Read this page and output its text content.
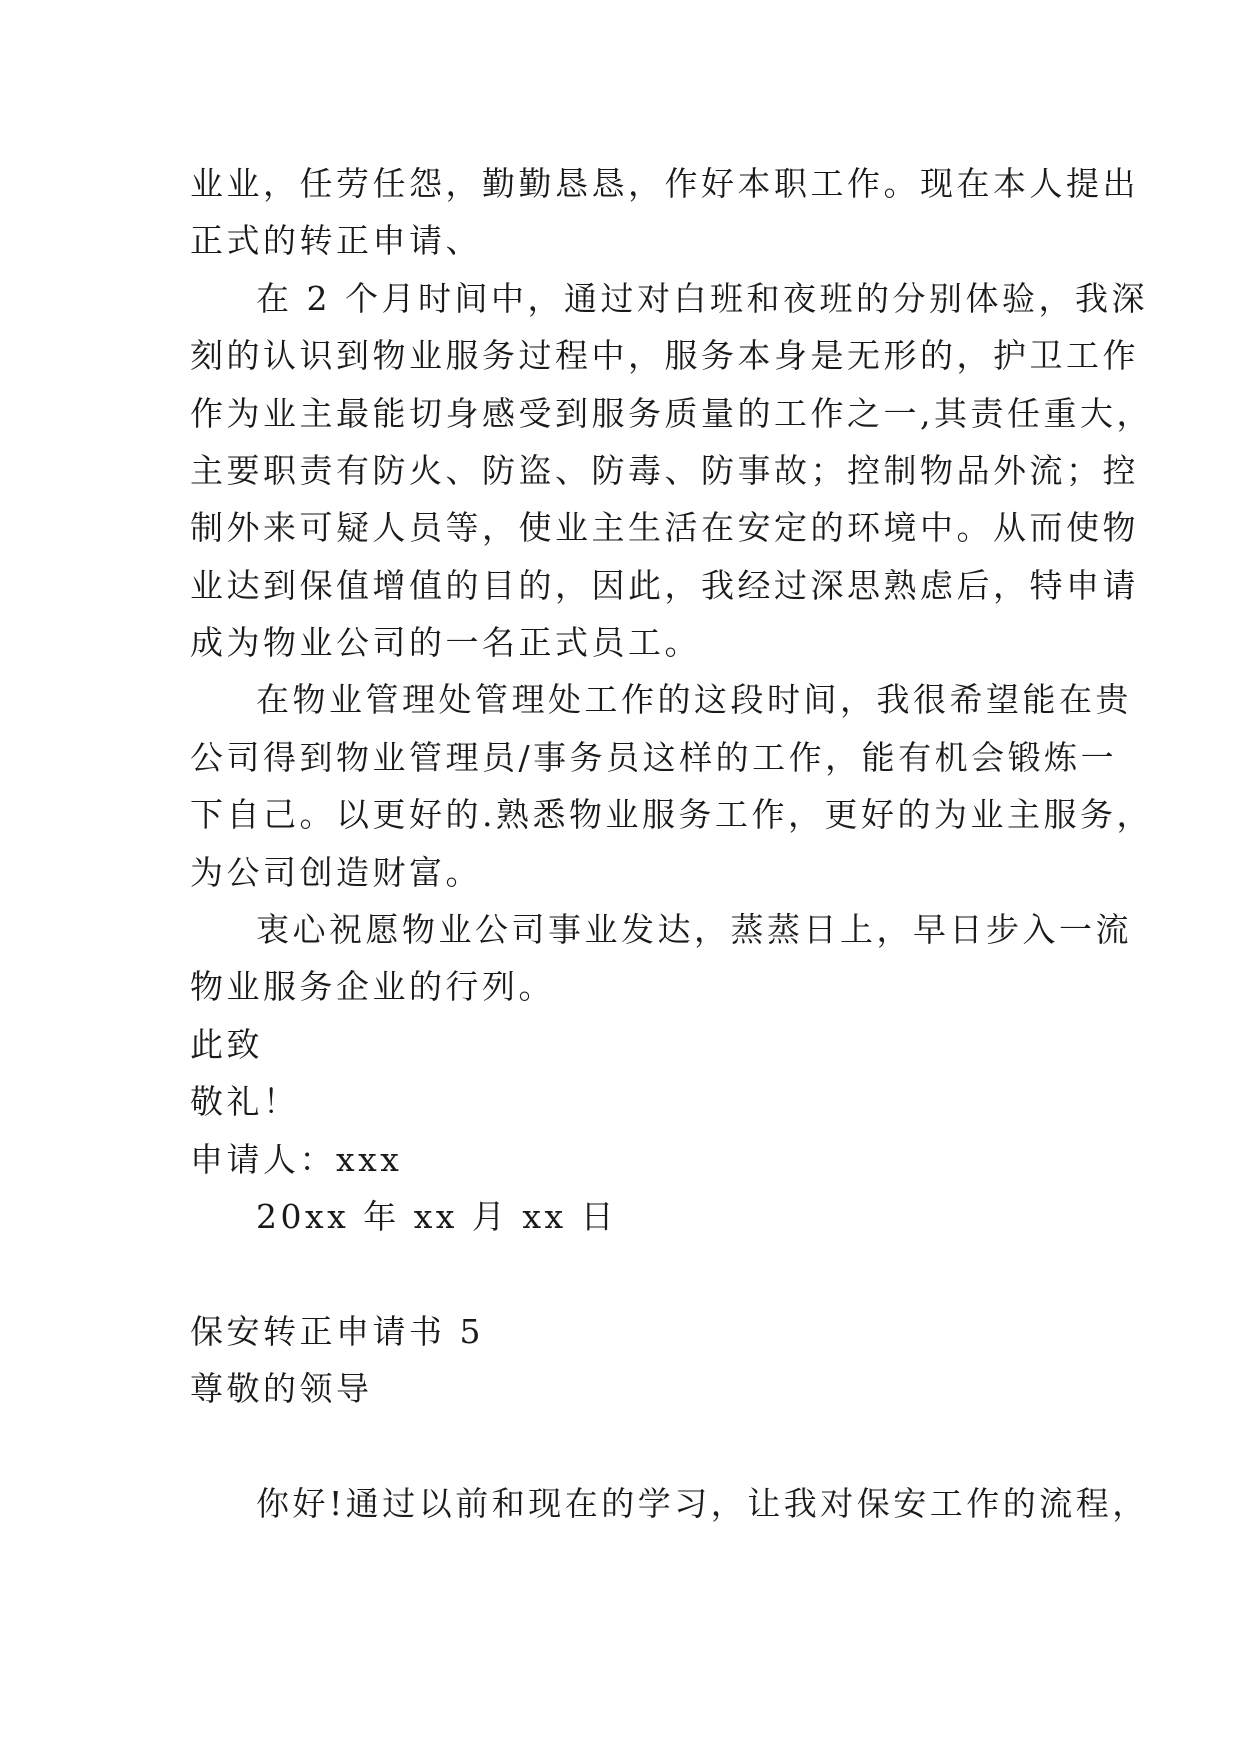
业业，任劳任怨，勤勤恳恳，作好本职工作。现在本人提出
正式的转正申请、
在 2 个月时间中，通过对白班和夜班的分别体验，我深
刻的认识到物业服务过程中，服务本身是无形的，护卫工作
作为业主最能切身感受到服务质量的工作之一,其责任重大，
主要职责有防火、防盗、防毒、防事故；控制物品外流；控
制外来可疑人员等，使业主生活在安定的环境中。从而使物
业达到保值增值的目的，因此，我经过深思熟虑后，特申请
成为物业公司的一名正式员工。
在物业管理处管理处工作的这段时间，我很希望能在贵
公司得到物业管理员/事务员这样的工作，能有机会锻炼一
下自己。以更好的.熟悉物业服务工作，更好的为业主服务，
为公司创造财富。
衷心祝愿物业公司事业发达，蒸蒸日上，早日步入一流
物业服务企业的行列。
此致
敬礼！
申请人：xxx
20xx 年 xx 月 xx 日
保安转正申请书 5
尊敬的领导
你好!通过以前和现在的学习，让我对保安工作的流程，
